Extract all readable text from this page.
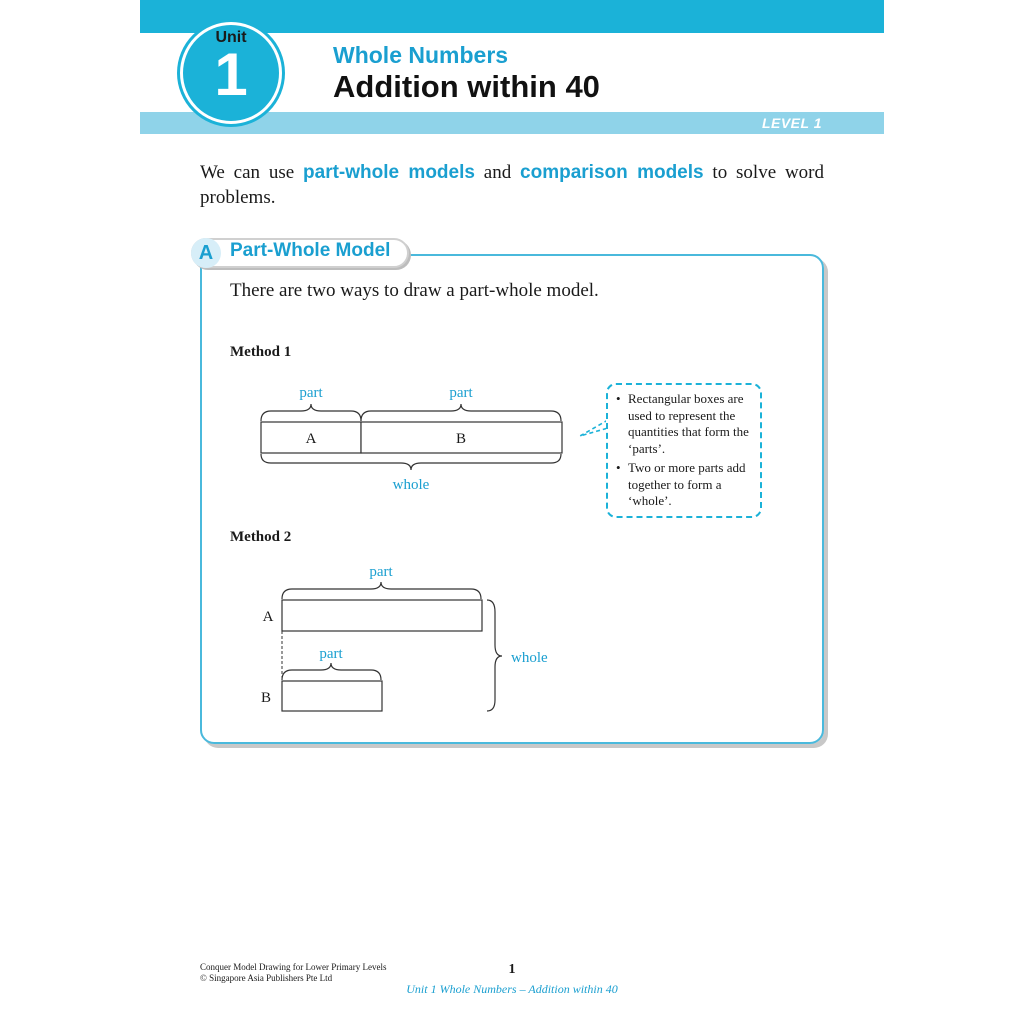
LEVEL 1
Unit
1	Whole Numbers
Addition within 40

We can use part-whole models and comparison models to solve word problems.

A Part-Whole Model
There are two ways to draw a part-whole model.
Method 1
Method 2
part	part
A	B
whole
part
A
part
B
whole
• Rectangular boxes are used to represent the quantities that form the ‘parts’.
• Two or more parts add together to form a ‘whole’.
Conquer Model Drawing for Lower Primary Levels
© Singapore Asia Publishers Pte Ltd
1
Unit 1 Whole Numbers – Addition within 40
